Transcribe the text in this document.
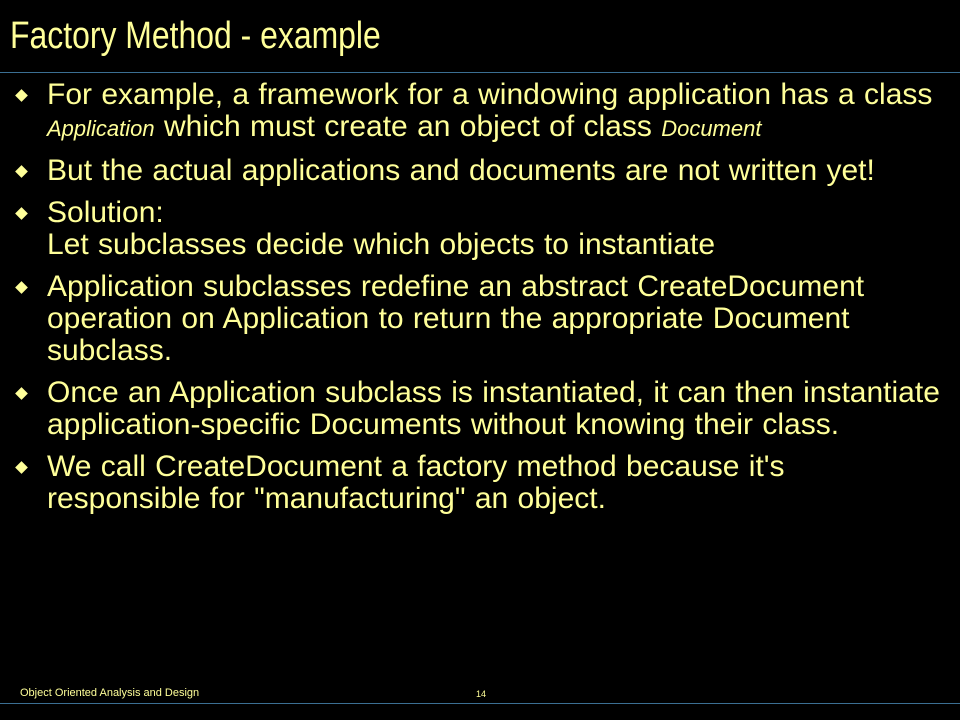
Factory Method - example
For example, a framework for a windowing application has a class Application which must create an object of class Document
But the actual applications and documents are not written yet!
Solution:
Let subclasses decide which objects to instantiate
Application subclasses redefine an abstract CreateDocument operation on Application to return the appropriate Document subclass.
Once an Application subclass is instantiated, it can then instantiate application-specific Documents without knowing their class.
We call CreateDocument a factory method because it's responsible for "manufacturing" an object.
Object Oriented Analysis and Design	14
